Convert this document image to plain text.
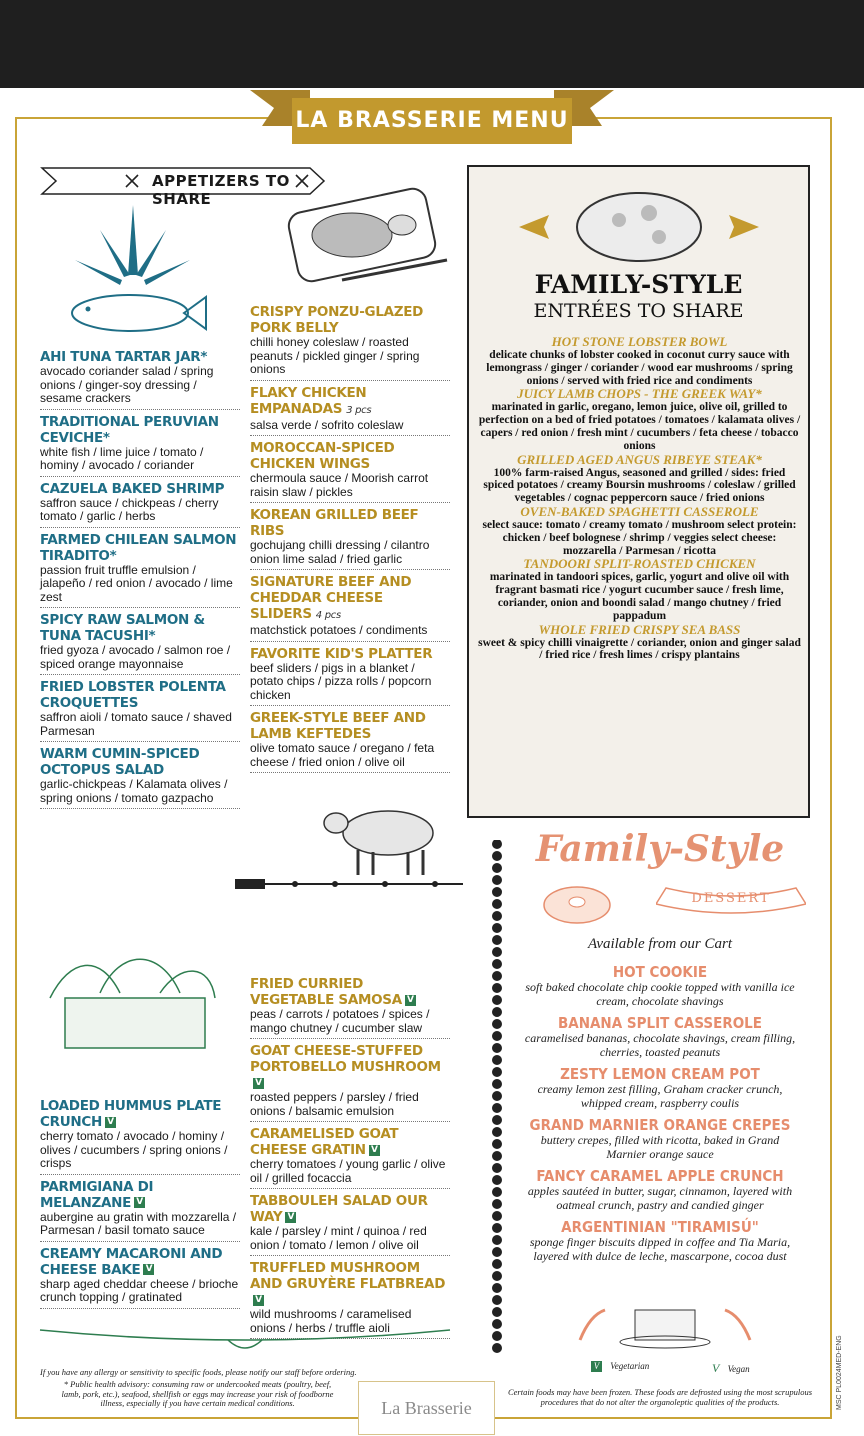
LA BRASSERIE MENU
APPETIZERS TO SHARE
AHI TUNA TARTAR JAR*
avocado coriander salad / spring onions / ginger-soy dressing / sesame crackers
TRADITIONAL PERUVIAN CEVICHE*
white fish / lime juice / tomato / hominy / avocado / coriander
CAZUELA BAKED SHRIMP
saffron sauce / chickpeas / cherry tomato / garlic / herbs
FARMED CHILEAN SALMON TIRADITO*
passion fruit truffle emulsion / jalapeño / red onion / avocado / lime zest
SPICY RAW SALMON & TUNA TACUSHI*
fried gyoza / avocado / salmon roe / spiced orange mayonnaise
FRIED LOBSTER POLENTA CROQUETTES
saffron aioli / tomato sauce / shaved Parmesan
WARM CUMIN-SPICED OCTOPUS SALAD
garlic-chickpeas / Kalamata olives / spring onions / tomato gazpacho
CRISPY PONZU-GLAZED PORK BELLY
chilli honey coleslaw / roasted peanuts / pickled ginger / spring onions
FLAKY CHICKEN EMPANADAS 3 pcs
salsa verde / sofrito coleslaw
MOROCCAN-SPICED CHICKEN WINGS
chermoula sauce / Moorish carrot raisin slaw / pickles
KOREAN GRILLED BEEF RIBS
gochujang chilli dressing / cilantro onion lime salad / fried garlic
SIGNATURE BEEF AND CHEDDAR CHEESE SLIDERS 4 pcs
matchstick potatoes / condiments
FAVORITE KID'S PLATTER
beef sliders / pigs in a blanket / potato chips / pizza rolls / popcorn chicken
GREEK-STYLE BEEF AND LAMB KEFTEDES
olive tomato sauce / oregano / feta cheese / fried onion / olive oil
FAMILY-STYLE
ENTRÉES TO SHARE
HOT STONE LOBSTER BOWL
delicate chunks of lobster cooked in coconut curry sauce with lemongrass / ginger / coriander / wood ear mushrooms / spring onions / served with fried rice and condiments
JUICY LAMB CHOPS - THE GREEK WAY*
marinated in garlic, oregano, lemon juice, olive oil, grilled to perfection on a bed of fried potatoes / tomatoes / kalamata olives / capers / red onion / fresh mint / cucumbers / feta cheese / tobacco onions
GRILLED AGED ANGUS RIBEYE STEAK*
100% farm-raised Angus, seasoned and grilled / sides: fried spiced potatoes / creamy Boursin mushrooms / coleslaw / grilled vegetables / cognac peppercorn sauce / fried onions
OVEN-BAKED SPAGHETTI CASSEROLE
select sauce: tomato / creamy tomato / mushroom select protein: chicken / beef bolognese / shrimp / veggies select cheese: mozzarella / Parmesan / ricotta
TANDOORI SPLIT-ROASTED CHICKEN
marinated in tandoori spices, garlic, yogurt and olive oil with fragrant basmati rice / yogurt cucumber sauce / fresh lime, coriander, onion and boondi salad / mango chutney / fried pappadum
WHOLE FRIED CRISPY SEA BASS
sweet & spicy chilli vinaigrette / coriander, onion and ginger salad / fried rice / fresh limes / crispy plantains
FRIED CURRIED VEGETABLE SAMOSA V
peas / carrots / potatoes / spices / mango chutney / cucumber slaw
GOAT CHEESE-STUFFED PORTOBELLO MUSHROOMV
roasted peppers / parsley / fried onions / balsamic emulsion
CARAMELISED GOAT CHEESE GRATIN V
cherry tomatoes / young garlic / olive oil / grilled focaccia
TABBOULEH SALAD OUR WAY V
kale / parsley / mint / quinoa / red onion / tomato / lemon / olive oil
TRUFFLED MUSHROOM AND GRUYÈRE FLATBREADV
wild mushrooms / caramelised onions / herbs / truffle aioli
LOADED HUMMUS PLATE CRUNCH V
cherry tomato / avocado / hominy / olives / cucumbers / spring onions / crisps
PARMIGIANA DI MELANZANE V
aubergine au gratin with mozzarella / Parmesan / basil tomato sauce
CREAMY MACARONI AND CHEESE BAKE V
sharp aged cheddar cheese / brioche crunch topping / gratinated
Family-Style
DESSERT
Available from our Cart
HOT COOKIE
soft baked chocolate chip cookie topped with vanilla ice cream, chocolate shavings
BANANA SPLIT CASSEROLE
caramelised bananas, chocolate shavings, cream filling, cherries, toasted peanuts
ZESTY LEMON CREAM POT
creamy lemon zest filling, Graham cracker crunch, whipped cream, raspberry coulis
GRAND MARNIER ORANGE CREPES
buttery crepes, filled with ricotta, baked in Grand Marnier orange sauce
FANCY CARAMEL APPLE CRUNCH
apples sautéed in butter, sugar, cinnamon, layered with oatmeal crunch, pastry and candied ginger
ARGENTINIAN "TIRAMISÚ"
sponge finger biscuits dipped in coffee and Tia Maria, layered with dulce de leche, mascarpone, cocoa dust
V Vegetarian	V Vegan
If you have any allergy or sensitivity to specific foods, please notify our staff before ordering.
* Public health advisory: consuming raw or undercooked meats (poultry, beef, lamb, pork, etc.), seafood, shellfish or eggs may increase your risk of foodborne illness, especially if you have certain medical conditions.
Certain foods may have been frozen. These foods are defrosted using the most scrupulous procedures that do not alter the organoleptic qualities of the products.
La Brasserie	MSC PL0024MED-ENG
